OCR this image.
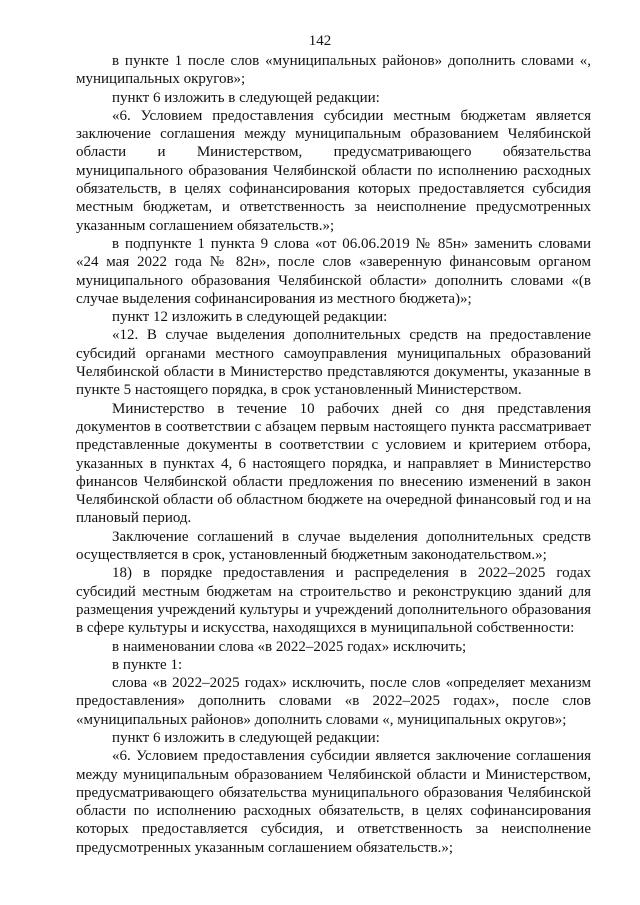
142

в пункте 1 после слов «муниципальных районов» дополнить словами «, муниципальных округов»;

пункт 6 изложить в следующей редакции:

«6. Условием предоставления субсидии местным бюджетам является заключение соглашения между муниципальным образованием Челябинской области и Министерством, предусматривающего обязательства муниципального образования Челябинской области по исполнению расходных обязательств, в целях софинансирования которых предоставляется субсидия местным бюджетам, и ответственность за неисполнение предусмотренных указанным соглашением обязательств.»;

в подпункте 1 пункта 9 слова «от 06.06.2019 № 85н» заменить словами «24 мая 2022 года № 82н», после слов «заверенную финансовым органом муниципального образования Челябинской области» дополнить словами «(в случае выделения софинансирования из местного бюджета)»;

пункт 12 изложить в следующей редакции:

«12. В случае выделения дополнительных средств на предоставление субсидий органами местного самоуправления муниципальных образований Челябинской области в Министерство представляются документы, указанные в пункте 5 настоящего порядка, в срок установленный Министерством.

Министерство в течение 10 рабочих дней со дня представления документов в соответствии с абзацем первым настоящего пункта рассматривает представленные документы в соответствии с условием и критерием отбора, указанных в пунктах 4, 6 настоящего порядка, и направляет в Министерство финансов Челябинской области предложения по внесению изменений в закон Челябинской области об областном бюджете на очередной финансовый год и на плановый период.

Заключение соглашений в случае выделения дополнительных средств осуществляется в срок, установленный бюджетным законодательством.»;

18) в порядке предоставления и распределения в 2022–2025 годах субсидий местным бюджетам на строительство и реконструкцию зданий для размещения учреждений культуры и учреждений дополнительного образования в сфере культуры и искусства, находящихся в муниципальной собственности:

в наименовании слова «в 2022–2025 годах» исключить;

в пункте 1:

слова «в 2022–2025 годах» исключить, после слов «определяет механизм предоставления» дополнить словами «в 2022–2025 годах», после слов «муниципальных районов» дополнить словами «, муниципальных округов»;

пункт 6 изложить в следующей редакции:

«6. Условием предоставления субсидии является заключение соглашения между муниципальным образованием Челябинской области и Министерством, предусматривающего обязательства муниципального образования Челябинской области по исполнению расходных обязательств, в целях софинансирования которых предоставляется субсидия, и ответственность за неисполнение предусмотренных указанным соглашением обязательств.»;
